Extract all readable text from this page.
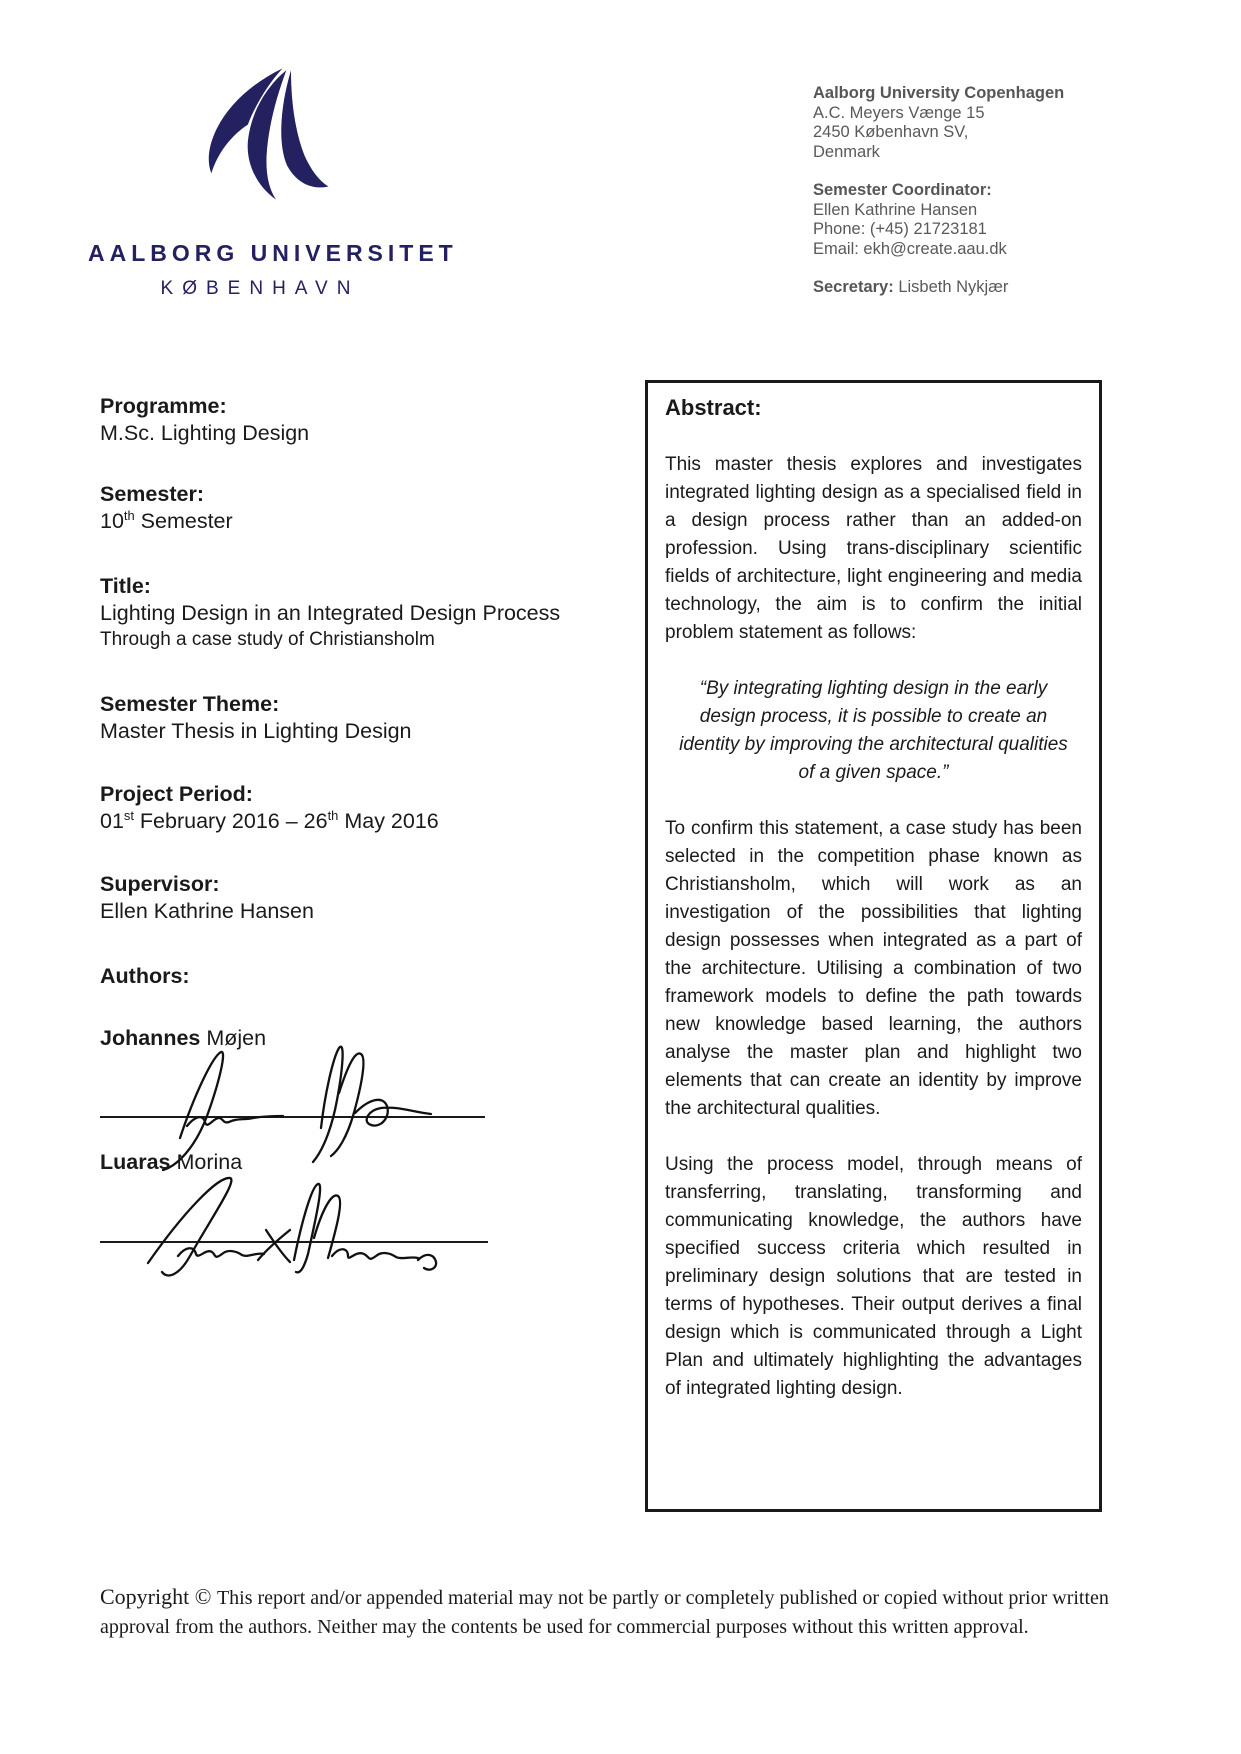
AALBORG UNIVERSITET
KØBENHAVN
Aalborg University Copenhagen
A.C. Meyers Vænge 15
2450 København SV,
Denmark
Semester Coordinator:
Ellen Kathrine Hansen
Phone: (+45) 21723181
Email: ekh@create.aau.dk
Secretary: Lisbeth Nykjær
Programme:
M.Sc. Lighting Design
Semester:
10th Semester
Title:
Lighting Design in an Integrated Design Process
Through a case study of Christiansholm
Semester Theme:
Master Thesis in Lighting Design
Project Period:
01st February 2016 – 26th May 2016
Supervisor:
Ellen Kathrine Hansen
Authors:
Johannes Møjen
Luaras Morina
Abstract:

This master thesis explores and investigates integrated lighting design as a specialised field in a design process rather than an added-on profession. Using trans-disciplinary scientific fields of architecture, light engineering and media technology, the aim is to confirm the initial problem statement as follows:

“By integrating lighting design in the early design process, it is possible to create an identity by improving the architectural qualities of a given space.”

To confirm this statement, a case study has been selected in the competition phase known as Christiansholm, which will work as an investigation of the possibilities that lighting design possesses when integrated as a part of the architecture. Utilising a combination of two framework models to define the path towards new knowledge based learning, the authors analyse the master plan and highlight two elements that can create an identity by improve the architectural qualities.

Using the process model, through means of transferring, translating, transforming and communicating knowledge, the authors have specified success criteria which resulted in preliminary design solutions that are tested in terms of hypotheses. Their output derives a final design which is communicated through a Light Plan and ultimately highlighting the advantages of integrated lighting design.

Copyright © This report and/or appended material may not be partly or completely published or copied without prior written approval from the authors. Neither may the contents be used for commercial purposes without this written approval.
